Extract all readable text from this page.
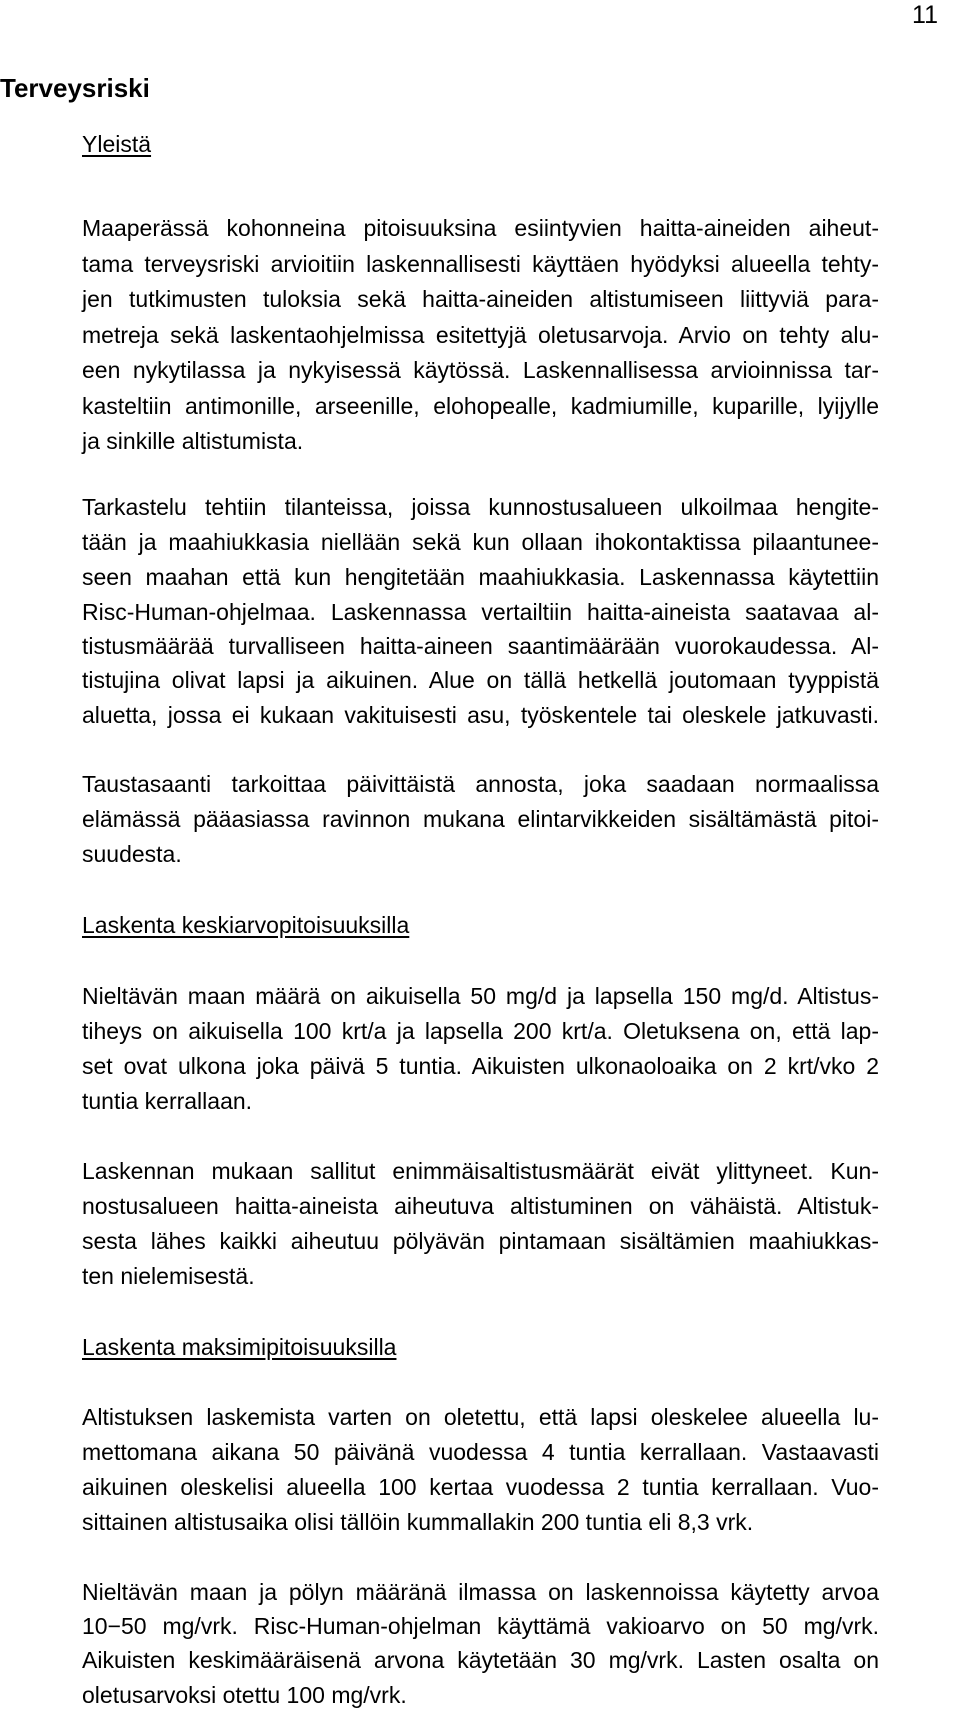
11
Terveysriski
Yleistä
Maaperässä kohonneina pitoisuuksina esiintyvien haitta-aineiden aiheut-
tama terveysriski arvioitiin laskennallisesti käyttäen hyödyksi alueella tehty-
jen tutkimusten tuloksia sekä haitta-aineiden altistumiseen liittyviä para-
metreja sekä laskentaohjelmissa esitettyjä oletusarvoja. Arvio on tehty alu-
een nykytilassa ja nykyisessä käytössä. Laskennallisessa arvioinnissa tar-
kasteltiin antimonille, arseenille, elohopealle, kadmiumille, kuparille, lyijylle
ja sinkille altistumista.
Tarkastelu tehtiin tilanteissa, joissa kunnostusalueen ulkoilmaa hengite-
tään ja maahiukkasia niellään sekä kun ollaan ihokontaktissa pilaantunee-
seen maahan että kun hengitetään maahiukkasia. Laskennassa käytettiin
Risc-Human-ohjelmaa. Laskennassa vertailtiin haitta-aineista saatavaa al-
tistusmäärää turvalliseen haitta-aineen saantimäärään vuorokaudessa. Al-
tistujina olivat lapsi ja aikuinen. Alue on tällä hetkellä joutomaan tyyppistä
aluetta, jossa ei kukaan vakituisesti asu, työskentele tai oleskele jatkuvasti.
Taustasaanti tarkoittaa päivittäistä annosta, joka saadaan normaalissa
elämässä pääasiassa ravinnon mukana elintarvikkeiden sisältämästä pitoi-
suudesta.
Laskenta keskiarvopitoisuuksilla
Nieltävän maan määrä on aikuisella 50 mg/d ja lapsella 150 mg/d. Altistus-
tiheys on aikuisella 100 krt/a ja lapsella 200 krt/a. Oletuksena on, että lap-
set ovat ulkona joka päivä 5 tuntia. Aikuisten ulkonaoloaika on 2 krt/vko 2
tuntia kerrallaan.
Laskennan mukaan sallitut enimmäisaltistusmäärät eivät ylittyneet. Kun-
nostusalueen haitta-aineista aiheutuva altistuminen on vähäistä. Altistuk-
sesta lähes kaikki aiheutuu pölyävän pintamaan sisältämien maahiukkas-
ten nielemisestä.
Laskenta maksimipitoisuuksilla
Altistuksen laskemista varten on oletettu, että lapsi oleskelee alueella lu-
mettomana aikana 50 päivänä vuodessa 4 tuntia kerrallaan. Vastaavasti
aikuinen oleskelisi alueella 100 kertaa vuodessa 2 tuntia kerrallaan. Vuo-
sittainen altistusaika olisi tällöin kummallakin 200 tuntia eli 8,3 vrk.
Nieltävän maan ja pölyn määränä ilmassa on laskennoissa käytetty arvoa
10−50 mg/vrk. Risc-Human-ohjelman käyttämä vakioarvo on 50 mg/vrk.
Aikuisten keskimääräisenä arvona käytetään 30 mg/vrk. Lasten osalta on
oletusarvoksi otettu 100 mg/vrk.
